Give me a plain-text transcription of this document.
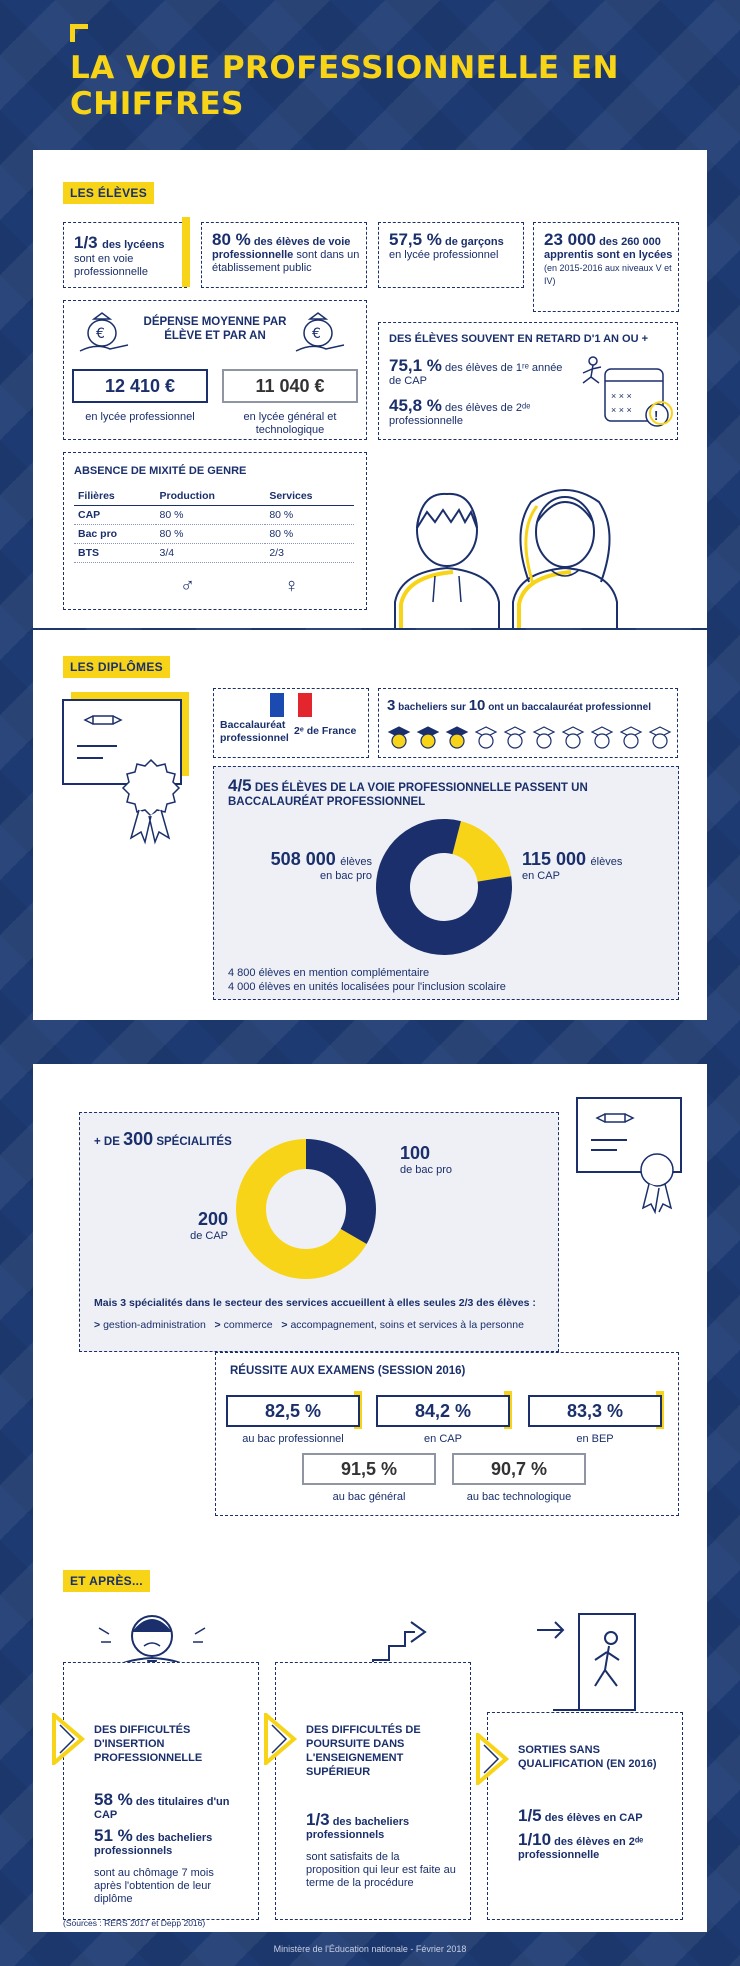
LA VOIE PROFESSIONNELLE EN CHIFFRES
LES ÉLÈVES
1/3 des lycéens
sont en voie professionnelle
80 % des élèves de voie professionnelle sont dans un établissement public
57,5 % de garçons
en lycée professionnel
23 000 des 260 000 apprentis sont en lycées
(en 2015-2016 aux niveaux V et IV)
€	€
DÉPENSE MOYENNE PAR ÉLÈVE ET PAR AN
12 410 €	11 040 €
en lycée professionnel	en lycée général et technologique
DES ÉLÈVES SOUVENT EN RETARD D'1 AN OU +
75,1 % des élèves de 1ʳᵉ année de CAP
45,8 % des élèves de 2ᵈᵉ professionnelle
× × ×
× × × !
ABSENCE DE MIXITÉ DE GENRE
Filières	Production	Services
CAP	80 %	80 %
Bac pro	80 %	80 %
BTS	3/4	2/3
♂	♀
LES DIPLÔMES
Baccalauréat professionnel
2ᵉ de France
3 bacheliers sur 10 ont un baccalauréat professionnel
4/5 DES ÉLÈVES DE LA VOIE PROFESSIONNELLE PASSENT UN BACCALAURÉAT PROFESSIONNEL
508 000 élèves
en bac pro
115 000 élèves
en CAP
4 800 élèves en mention complémentaire
4 000 élèves en unités localisées pour l'inclusion scolaire
+ DE 300 SPÉCIALITÉS
100
de bac pro
200
de CAP
Mais 3 spécialités dans le secteur des services accueillent à elles seules 2/3 des élèves :
> gestion-administration > commerce > accompagnement, soins et services à la personne
RÉUSSITE AUX EXAMENS (SESSION 2016)
82,5 %	84,2 %	83,3 %
au bac professionnel	en CAP	en BEP
91,5 %	90,7 %
au bac général	au bac technologique
ET APRÈS...
DES DIFFICULTÉS D'INSERTION PROFESSIONNELLE
58 % des titulaires d'un CAP
51 % des bacheliers professionnels
sont au chômage 7 mois après l'obtention de leur diplôme
DES DIFFICULTÉS DE POURSUITE DANS L'ENSEIGNEMENT SUPÉRIEUR
1/3 des bacheliers professionnels
sont satisfaits de la proposition qui leur est faite au terme de la procédure
SORTIES SANS QUALIFICATION (EN 2016)
1/5 des élèves en CAP
1/10 des élèves en 2ᵈᵉ professionnelle
(Sources : RERS 2017 et Depp 2016)
Ministère de l'Éducation nationale - Février 2018
